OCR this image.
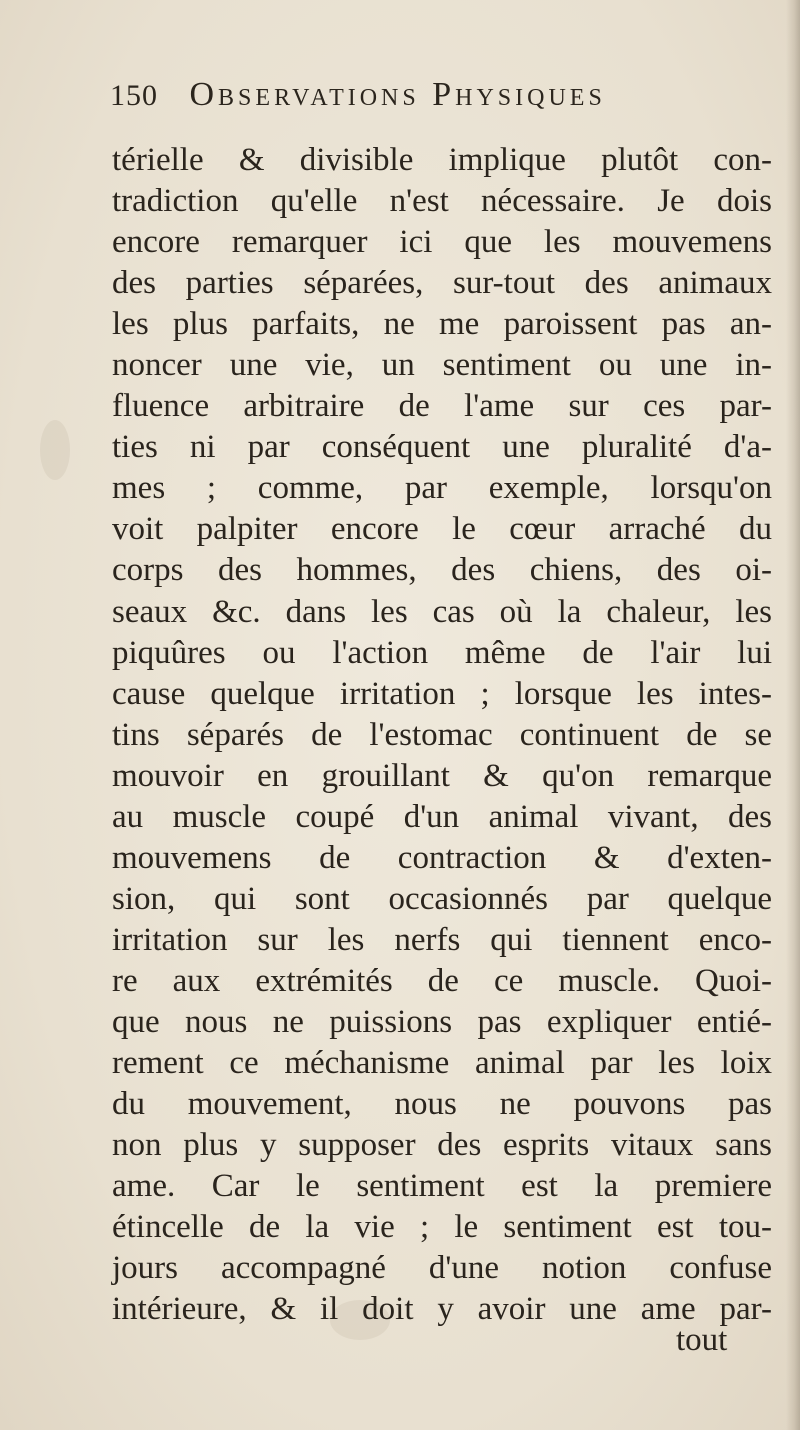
150 Observations Physiques
térielle & divisible implique plutôt con-
tradiction qu'elle n'est nécessaire. Je dois
encore remarquer ici que les mouvemens
des parties séparées, sur-tout des animaux
les plus parfaits, ne me paroissent pas an-
noncer une vie, un sentiment ou une in-
fluence arbitraire de l'ame sur ces par-
ties ni par conséquent une pluralité d'a-
mes ; comme, par exemple, lorsqu'on
voit palpiter encore le cœur arraché du
corps des hommes, des chiens, des oi-
seaux &c. dans les cas où la chaleur, les
piquûres ou l'action même de l'air lui
cause quelque irritation ; lorsque les intes-
tins séparés de l'estomac continuent de se
mouvoir en grouillant & qu'on remarque
au muscle coupé d'un animal vivant, des
mouvemens de contraction & d'exten-
sion, qui sont occasionnés par quelque
irritation sur les nerfs qui tiennent enco-
re aux extrémités de ce muscle. Quoi-
que nous ne puissions pas expliquer entié-
rement ce méchanisme animal par les loix
du mouvement, nous ne pouvons pas
non plus y supposer des esprits vitaux sans
ame. Car le sentiment est la premiere
étincelle de la vie ; le sentiment est tou-
jours accompagné d'une notion confuse
intérieure, & il doit y avoir une ame par-
tout
